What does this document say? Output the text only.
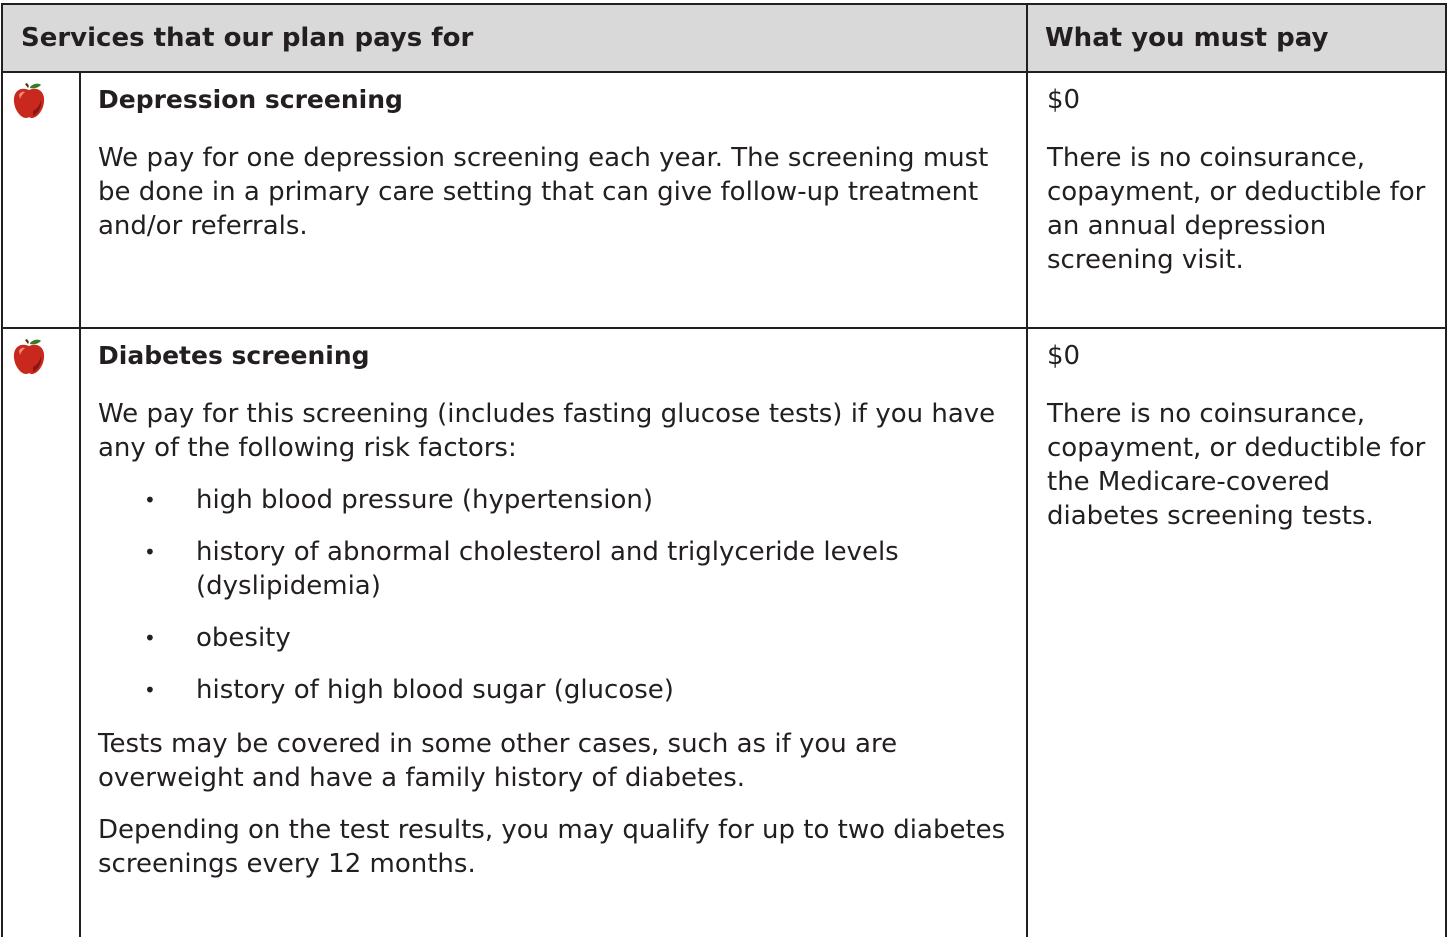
Services that our plan pays for	What you must pay
Depression screening
We pay for one depression screening each year. The screening must be done in a primary care setting that can give follow-up treatment and/or referrals.
$0
There is no coinsurance, copayment, or deductible for an annual depression screening visit.
Diabetes screening
We pay for this screening (includes fasting glucose tests) if you have any of the following risk factors:
• high blood pressure (hypertension)
• history of abnormal cholesterol and triglyceride levels (dyslipidemia)
• obesity
• history of high blood sugar (glucose)
Tests may be covered in some other cases, such as if you are overweight and have a family history of diabetes.
Depending on the test results, you may qualify for up to two diabetes screenings every 12 months.
$0
There is no coinsurance, copayment, or deductible for the Medicare-covered diabetes screening tests.
